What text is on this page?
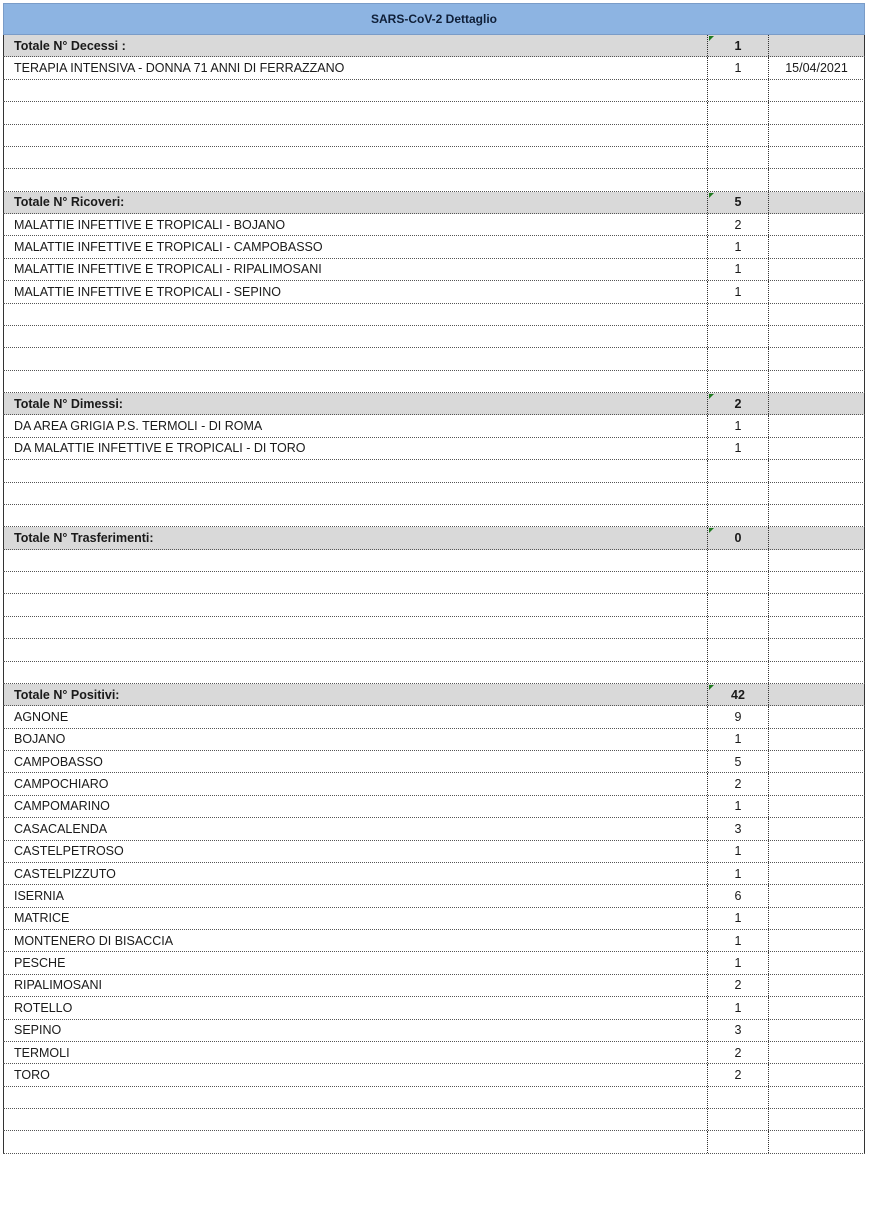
SARS-CoV-2 Dettaglio
Totale N° Decessi :	1
TERAPIA INTENSIVA - DONNA 71 ANNI DI FERRAZZANO	1	15/04/2021
Totale N° Ricoveri:	5
MALATTIE INFETTIVE E TROPICALI - BOJANO	2
MALATTIE INFETTIVE E TROPICALI - CAMPOBASSO	1
MALATTIE INFETTIVE E TROPICALI - RIPALIMOSANI	1
MALATTIE INFETTIVE E TROPICALI - SEPINO	1
Totale N° Dimessi:	2
DA AREA GRIGIA P.S. TERMOLI - DI ROMA	1
DA MALATTIE INFETTIVE E TROPICALI - DI TORO	1
Totale N° Trasferimenti:	0
Totale N° Positivi:	42
AGNONE	9
BOJANO	1
CAMPOBASSO	5
CAMPOCHIARO	2
CAMPOMARINO	1
CASACALENDA	3
CASTELPETROSO	1
CASTELPIZZUTO	1
ISERNIA	6
MATRICE	1
MONTENERO DI BISACCIA	1
PESCHE	1
RIPALIMOSANI	2
ROTELLO	1
SEPINO	3
TERMOLI	2
TORO	2
